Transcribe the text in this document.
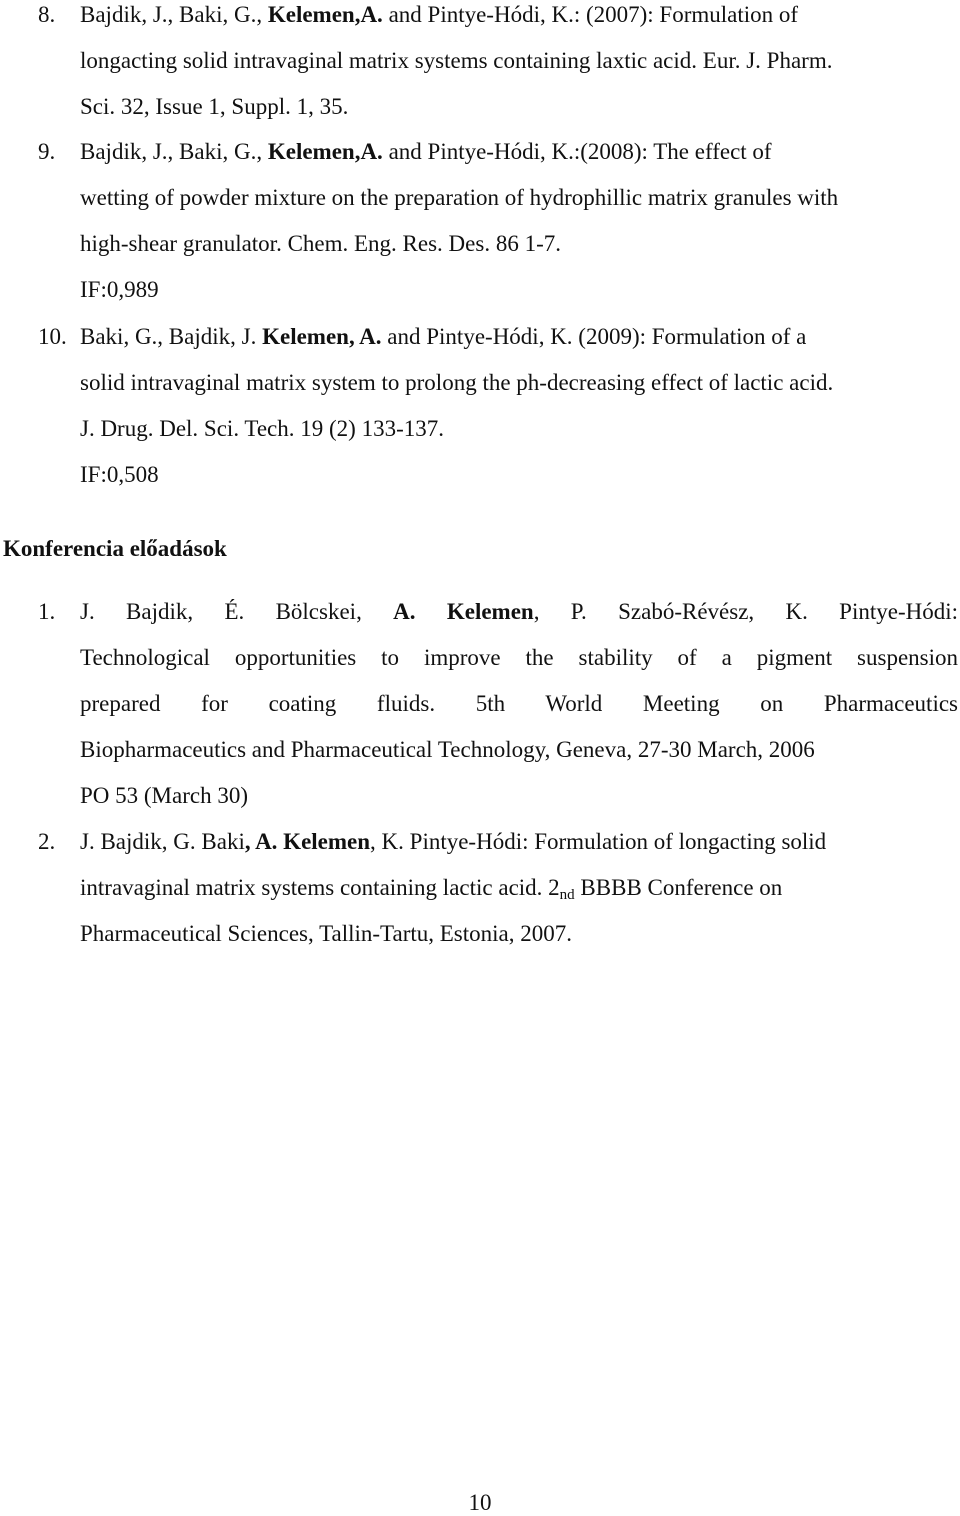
8.	Bajdik, J., Baki, G., Kelemen,A. and Pintye-Hódi, K.: (2007): Formulation of
longacting solid intravaginal matrix systems containing laxtic acid. Eur. J. Pharm.
Sci. 32, Issue 1, Suppl. 1, 35.
9.	Bajdik, J., Baki, G., Kelemen,A. and Pintye-Hódi, K.:(2008): The effect of
wetting of powder mixture on the preparation of hydrophillic matrix granules with
high-shear granulator. Chem. Eng. Res. Des. 86 1-7.
IF:0,989
10. Baki, G., Bajdik, J. Kelemen, A. and Pintye-Hódi, K. (2009): Formulation of a
solid intravaginal matrix system to prolong the ph-decreasing effect of lactic acid.
J. Drug. Del. Sci. Tech. 19 (2) 133-137.
IF:0,508
Konferencia előadások
1.	J. Bajdik, É. Bölcskei, A. Kelemen, P. Szabó-Révész, K. Pintye-Hódi:
Technological opportunities to improve the stability of a pigment suspension
prepared for coating fluids. 5th World Meeting on Pharmaceutics
Biopharmaceutics and Pharmaceutical Technology, Geneva, 27-30 March, 2006
PO 53 (March 30)
2.	J. Bajdik, G. Baki, A. Kelemen, K. Pintye-Hódi: Formulation of longacting solid
intravaginal matrix systems containing lactic acid. $2_{nd}$ BBBB Conference on
Pharmaceutical Sciences, Tallin-Tartu, Estonia, 2007.
10
